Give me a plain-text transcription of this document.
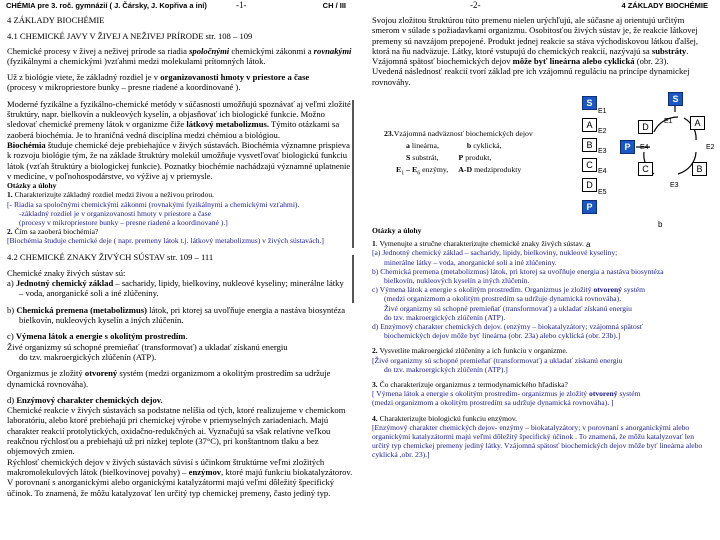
CHÉMIA pre 3. roč. gymnázií ( J. Čársky, J. Kopřiva a iní)	-1-	CH / III

4 ZÁKLADY BIOCHÉMIE

4.1 CHEMICKÉ JAVY V ŽIVEJ A NEŽIVEJ PRÍRODE str. 108 – 109

Chemické procesy v živej a neživej prírode sa riadia spoločnými chemickými zákonmi a rovnakými
(fyzikálnymi a chemickými )vzťahmi medzi molekulami prítomných látok.

Už z biológie viete, že základný rozdiel je v organizovanosti hmoty v priestore a čase
(procesy v mikropriestore bunky – presne riadené a koordinované ).

Moderné fyzikálne a fyzikálno-chemické metódy v súčasnosti umožňujú spoznávať aj veľmi zložité štruktúry, napr. bielkovín a nukleových kyselín, a objasňovať ich biologické funkcie. Možno sledovať chemické premeny látok v organizme čiže látkový metabolizmus. Týmito otázkami sa zaoberá biochémia. Je to hraničná vedná disciplína medzi chémiou a biológiou.

Biochémia študuje chemické deje prebiehajúce v živých sústavách. Biochémia významne prispieva k rozvoju biológie tým, že na základe štruktúry molekúl umožňuje vysvetľovať biologickú funkciu látok (vzťah štruktúry a biologickej funkcie). Poznatky biochémie nachádzajú významné uplatnenie v medicíne, v poľnohospodárstve, vo výžive aj v priemysle.

Otázky a úlohy

1. Charakterizujte základný rozdiel medzi živou a neživou prírodou.

[- Riadia sa spoločnými chemickými zákonmi (rovnakými fyzikálnymi a chemickými vzťahmi).

-základný rozdiel je v organizovanosti hmoty v priestore a čase

(procesy v mikropriestore bunky – presne riadené a koordinované ).]

2. Čím sa zaoberá biochémia?

[Biochémia študuje chemické deje ( napr. premeny látok t.j. látkový metabolizmus) v živých sústavách.]

4.2 CHEMICKÉ ZNAKY ŽIVÝCH SÚSTAV str. 109 – 111

Chemické znaky živých sústav sú:

a) Jednotný chemický základ – sacharidy, lipidy, bielkoviny, nukleové kyseliny; minerálne látky

– voda, anorganické soli a iné zlúčeniny.

b) Chemická premena (metabolizmus) látok, pri ktorej sa uvoľňuje energia a nastáva biosyntéza

bielkovín, nukleových kyselín a iných zlúčenín.

c) Výmena látok a energie s okolitým prostredím.

Živé organizmy sú schopné premieňať (transformovať) a ukladať získanú energiu

do tzv. makroergických zlúčenín (ATP).

Organizmus je zložitý otvorený systém (medzi organizmom a okolitým prostredím sa udržuje

dynamická rovnováha).

d) Enzýmový charakter chemických dejov.

Chemické reakcie v živých sústavách sa podstatne nelíšia od tých, ktoré realizujeme v chemickom laboratóriu, alebo ktoré prebiehajú pri chemickej výrobe v priemyselných zariadeniach. Majú charakter reakcií protolytických, oxidačno-redukčných ai. Vyznačujú sa však relatívne veľkou reakčnou rýchlosťou a prebiehajú už pri nízkej teplote (37°C), pri konštantnom tlaku a bez objemových zmien.

Rýchlosť chemických dejov v živých sústavách súvisí s účinkom štruktúrne veľmi zložitých makromolekulových látok (bielkovinovej povahy) – enzýmov, ktoré majú funkciu biokatalyzátorov.

V porovnaní s anorganickými alebo organickými katalyzátormi majú veľmi dôležitý špecifický účinok. To znamená, že môžu katalyzovať len určitý typ chemickej premeny, často jediný typ.

-2-	4 ZÁKLADY BIOCHÉMIE

Svojou zložitou štruktúrou túto premenu nielen urýchľujú, ale súčasne aj orientujú určitým smerom v súlade s požiadavkami organizmu. Osobitosťou živých sústav je, že reakcie látkovej premeny sú navzájom prepojené. Produkt jednej reakcie sa stáva východiskovou látkou ďalšej, ktorá na ňu nadväzuje. Látky, ktoré vstupujú do chemických reakcií, nazývajú sa substráty. Vzájomná spätosť biochemických dejov môže byť lineárna alebo cyklická (obr. 23).

Uvedená následnosť reakcií tvorí základ pre ich vzájomnú reguláciu na princípe dynamickej rovnováhy.

23.Vzájomná nadväznosť biochemických dejov
a lineárna,	b cyklická,
S substrát,	P produkt,
$E_1 - E_6$ enzýmy, A-D medziprodukty
S
A
B
C
D
P
E1
E2
E3
E4
E5
a
S
A
B
C
D
P
E1
E2
E3
E4
b

Otázky a úlohy

1. Vymenujte a stručne charakterizujte chemické znaky živých sústav.

[a) Jednotný chemický základ – sacharidy, lipidy, bielkoviny, nukleové kyseliny;

minerálne látky – voda, anorganické soli a iné zlúčeniny.

b) Chemická premena (metabolizmus) látok, pri ktorej sa uvoľňuje energia a nastáva biosyntéza

bielkovín, nukleových kyselín a iných zlúčenín.

c) Výmena látok a energie s okolitým prostredím. Organizmus je zložitý otvorený systém

(medzi organizmom a okolitým prostredím sa udržuje dynamická rovnováha).

Živé organizmy sú schopné premieňať (transformovať) a ukladať získanú energiu

do tzv. makroergických zlúčenín (ATP).

d) Enzýmový charakter chemických dejov. (enzýmy – biokatalyzátory; vzájomná spätosť

biochemických dejov môže byť lineárna (obr. 23a) alebo cyklická (obr. 23b).]

2. Vysvetlite makroergické zlúčeniny a ich funkciu v organizme.

[Živé organizmy sú schopné premieňať (transformovať) a ukladať získanú energiu

do tzv. makroergických zlúčenín (ATP).]

3. Čo charakterizuje organizmus z termodynamického hľadiska?

[ Výmena látok a energie s okolitým prostredím- organizmus je zložitý otvorený systém

(medzi organizmom a okolitým prostredím sa udržuje dynamická rovnováha). ]

4. Charakterizujte biologickú funkciu enzýmov.

[Enzýmový charakter chemických dejov- enzýmy – biokatalyzátory; v porovnaní s anorganickými alebo organickými katalyzátormi majú veľmi dôležitý špecifický účinok . To znamená, že môžu katalyzovať len určitý typ chemickej premeny jediný látky. Vzájomná spätosť biochemických dejov môže byť lineárna alebo cyklická ,obr. 23).]
